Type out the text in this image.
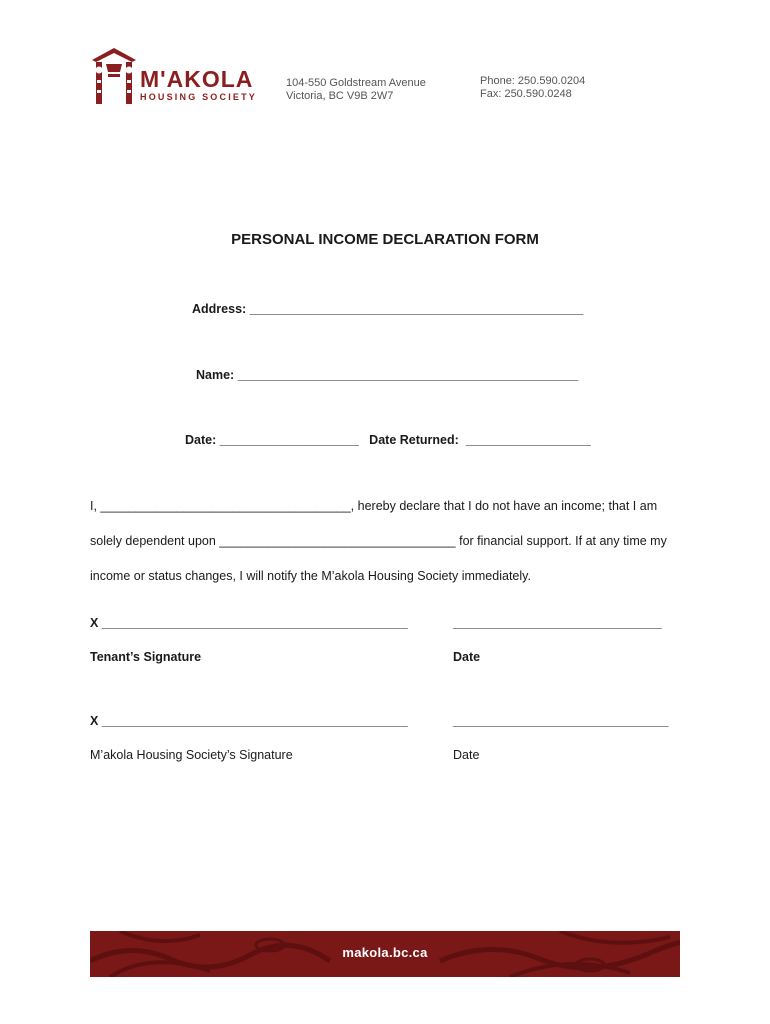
M'AKOLA
HOUSING SOCIETY
104-550 Goldstream Avenue
Victoria, BC V9B 2W7
Phone: 250.590.0204
Fax: 250.590.0248
PERSONAL INCOME DECLARATION FORM
Address: ________________________________________________
Name: _________________________________________________
Date: ____________________   Date Returned:  __________________
I, ____________________________________, hereby declare that I do not have an income; that I am
solely dependent upon __________________________________ for financial support. If at any time my
income or status changes, I will notify the M’akola Housing Society immediately.
X ____________________________________________	______________________________
Tenant’s Signature	Date
X ____________________________________________	_______________________________
M’akola Housing Society’s Signature	Date
makola.bc.ca
